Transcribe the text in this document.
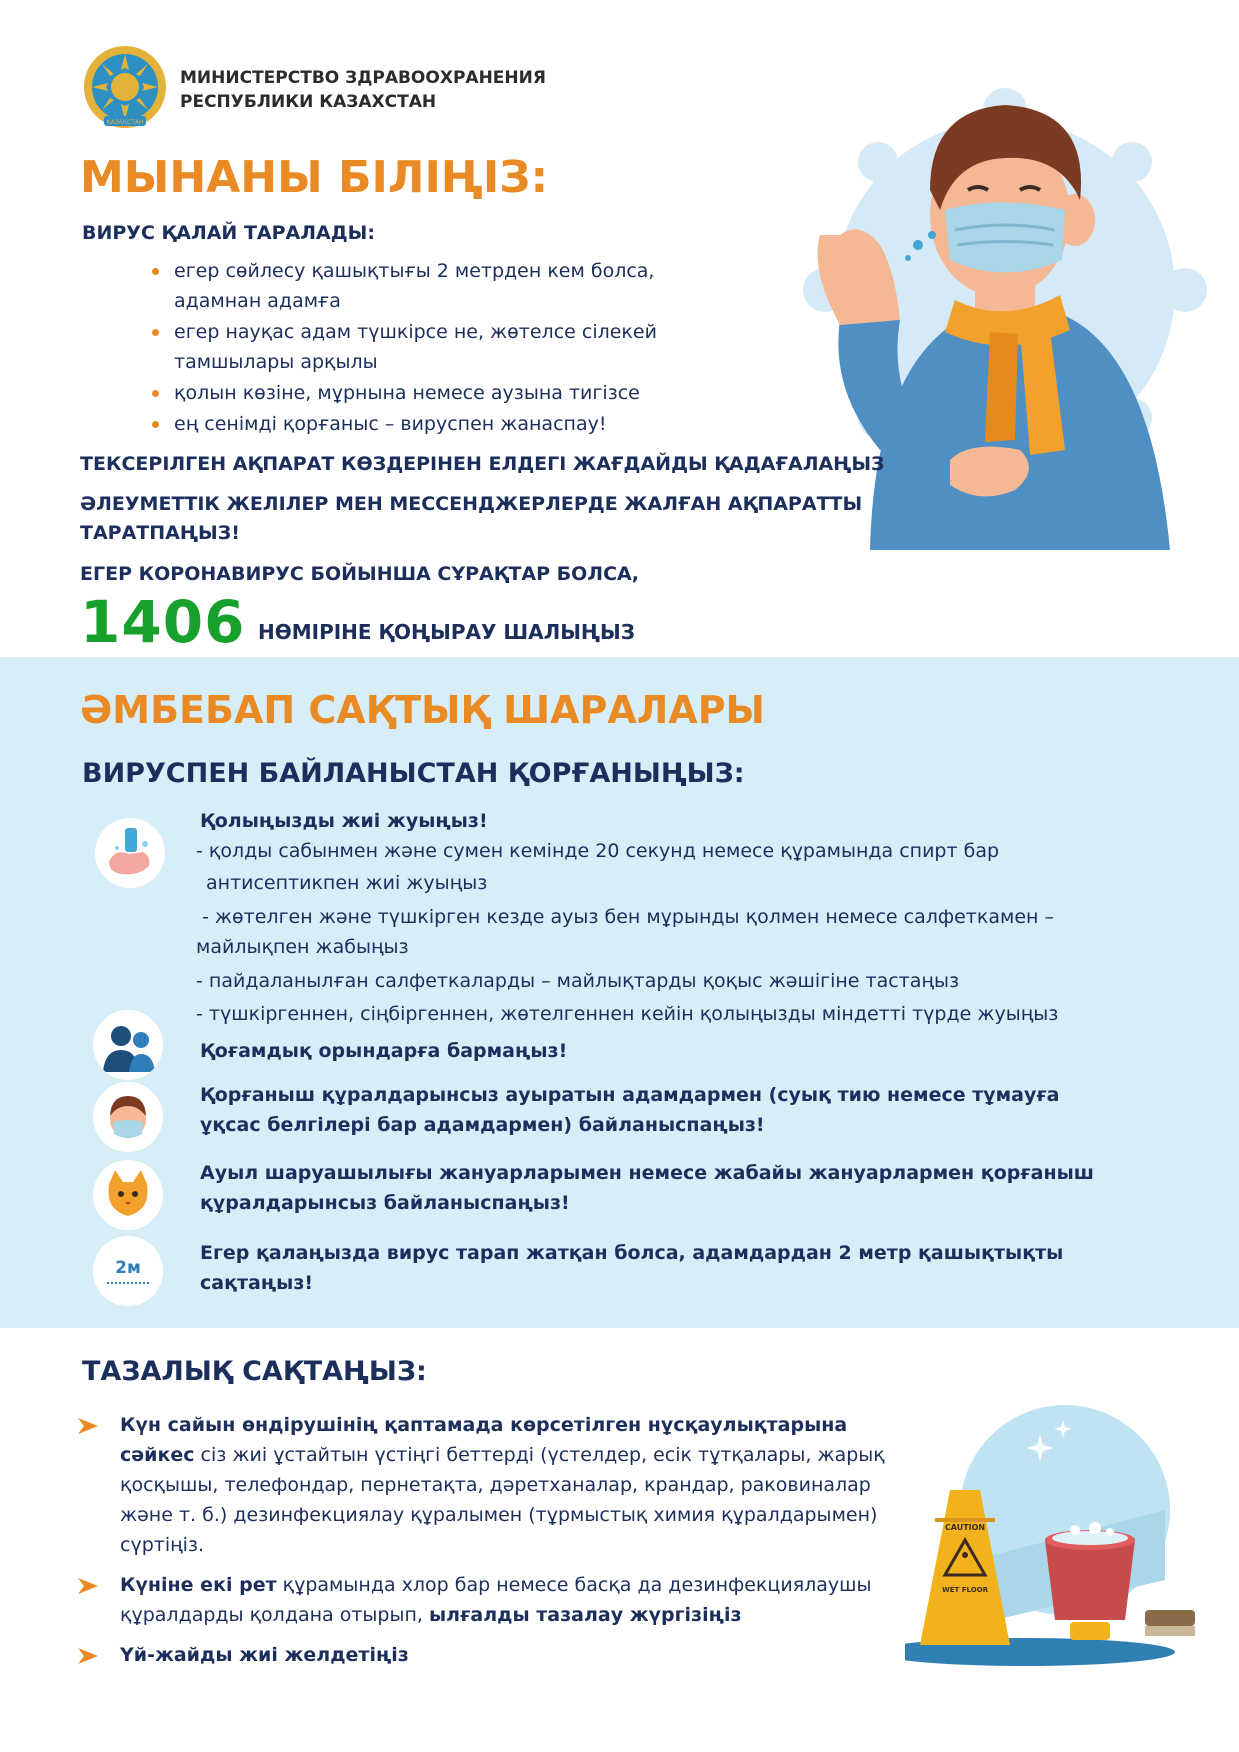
ҚАЗАҚСТАН
МИНИСТЕРСТВО ЗДРАВООХРАНЕНИЯ
РЕСПУБЛИКИ КАЗАХСТАН
МЫНАНЫ БІЛІҢІЗ:
ВИРУС ҚАЛАЙ ТАРАЛАДЫ:
егер сөйлесу қашықтығы 2 метрден кем болса, адамнан адамға
егер науқас адам түшкірсе не, жөтелсе сілекей тамшылары арқылы
қолын көзіне, мұрнына немесе аузына тигізсе
ең сенімді қорғаныс – вируспен жанаспау!
ТЕКСЕРІЛГЕН АҚПАРАТ КӨЗДЕРІНЕН ЕЛДЕГІ ЖАҒДАЙДЫ ҚАДАҒАЛАҢЫЗ
ӘЛЕУМЕТТІК ЖЕЛІЛЕР МЕН МЕССЕНДЖЕРЛЕРДЕ ЖАЛҒАН АҚПАРАТТЫ ТАРАТПАҢЫЗ!
ЕГЕР КОРОНАВИРУС БОЙЫНША СҰРАҚТАР БОЛСА,
1406 НӨМІРІНЕ ҚОҢЫРАУ ШАЛЫҢЫЗ
ӘМБЕБАП САҚТЫҚ ШАРАЛАРЫ
ВИРУСПЕН БАЙЛАНЫСТАН ҚОРҒАНЫҢЫЗ:
Қолыңызды жиі жуыңыз!
- қолды сабынмен және сумен кемінде 20 секунд немесе құрамында спирт бар
антисептикпен жиі жуыңыз
- жөтелген және түшкірген кезде ауыз бен мұрынды қолмен немесе салфеткамен –
майлықпен жабыңыз
- пайдаланылған салфеткаларды – майлықтарды қоқыс жәшігіне тастаңыз
- түшкіргеннен, сіңбіргеннен, жөтелгеннен кейін қолыңызды міндетті түрде жуыңыз
Қоғамдық орындарға бармаңыз!
Қорғаныш құралдарынсыз ауыратын адамдармен (суық тию немесе тұмауға ұқсас белгілері бар адамдармен) байланыспаңыз!
Ауыл шаруашылығы жануарларымен немесе жабайы жануарлармен қорғаныш құралдарынсыз байланыспаңыз!
2м
Егер қалаңызда вирус тарап жатқан болса, адамдардан 2 метр қашықтықты сақтаңыз!
ТАЗАЛЫҚ САҚТАҢЫЗ:
Күн сайын өндірушінің қаптамада көрсетілген нұсқаулықтарына сәйкес сіз жиі ұстайтын үстіңгі беттерді (үстелдер, есік тұтқалары, жарық қосқышы, телефондар, пернетақта, дәретханалар, крандар, раковиналар және т. б.) дезинфекциялау құралымен (тұрмыстық химия құралдарымен) сүртіңіз.
Күніне екі рет құрамында хлор бар немесе басқа да дезинфекциялаушы құралдарды қолдана отырып, ылғалды тазалау жүргізіңіз
Үй-жайды жиі желдетіңіз
CAUTION
WET FLOOR
